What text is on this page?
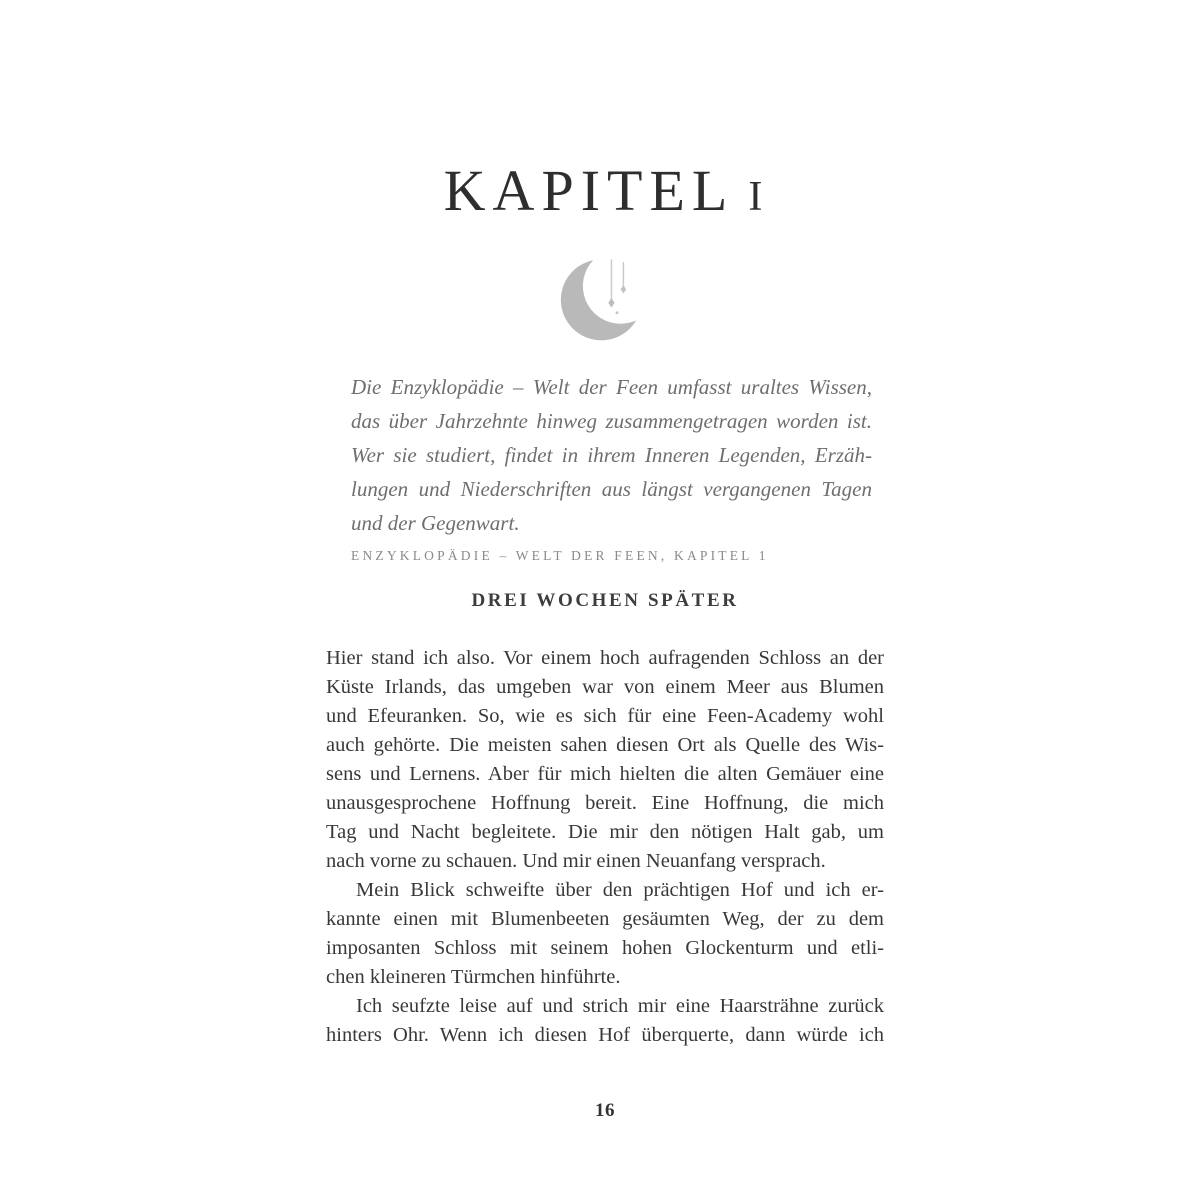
KAPITEL I
Die Enzyklopädie – Welt der Feen umfasst uraltes Wissen,
das über Jahrzehnte hinweg zusammengetragen worden ist.
Wer sie studiert, findet in ihrem Inneren Legenden, Erzäh-
lungen und Niederschriften aus längst vergangenen Tagen
und der Gegenwart.
ENZYKLOPÄDIE – WELT DER FEEN, KAPITEL 1
DREI WOCHEN SPÄTER
Hier stand ich also. Vor einem hoch aufragenden Schloss an der
Küste Irlands, das umgeben war von einem Meer aus Blumen
und Efeuranken. So, wie es sich für eine Feen-Academy wohl
auch gehörte. Die meisten sahen diesen Ort als Quelle des Wis-
sens und Lernens. Aber für mich hielten die alten Gemäuer eine
unausgesprochene Hoffnung bereit. Eine Hoffnung, die mich
Tag und Nacht begleitete. Die mir den nötigen Halt gab, um
nach vorne zu schauen. Und mir einen Neuanfang versprach.
Mein Blick schweifte über den prächtigen Hof und ich er-
kannte einen mit Blumenbeeten gesäumten Weg, der zu dem
imposanten Schloss mit seinem hohen Glockenturm und etli-
chen kleineren Türmchen hinführte.
Ich seufzte leise auf und strich mir eine Haarsträhne zurück
hinters Ohr. Wenn ich diesen Hof überquerte, dann würde ich
16
